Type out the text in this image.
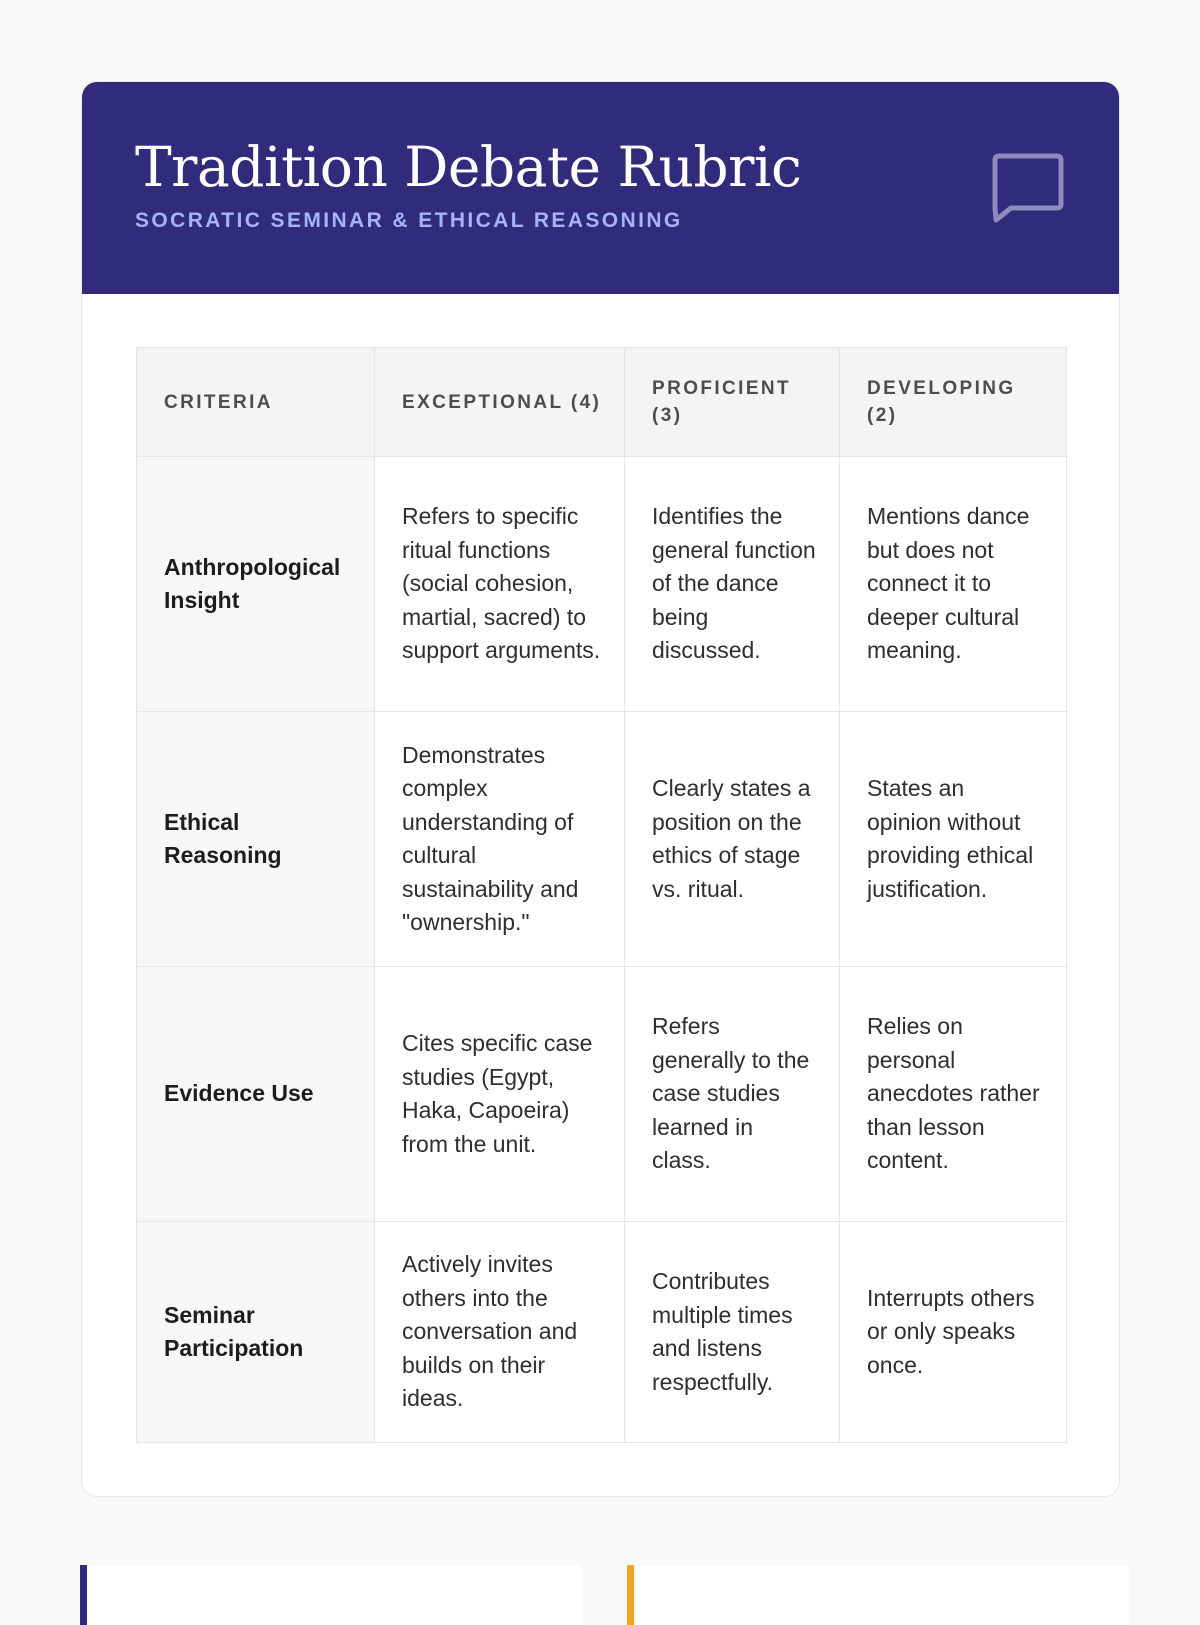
Tradition Debate Rubric
SOCRATIC SEMINAR & ETHICAL REASONING
CRITERIA	EXCEPTIONAL (4)	PROFICIENT (3)	DEVELOPING (2)
Anthropological Insight	Refers to specific ritual functions (social cohesion, martial, sacred) to support arguments.	Identifies the general function of the dance being discussed.	Mentions dance but does not connect it to deeper cultural meaning.
Ethical Reasoning	Demonstrates complex understanding of cultural sustainability and "ownership."	Clearly states a position on the ethics of stage vs. ritual.	States an opinion without providing ethical justification.
Evidence Use	Cites specific case studies (Egypt, Haka, Capoeira) from the unit.	Refers generally to the case studies learned in class.	Relies on personal anecdotes rather than lesson content.
Seminar Participation	Actively invites others into the conversation and builds on their ideas.	Contributes multiple times and listens respectfully.	Interrupts others or only speaks once.
